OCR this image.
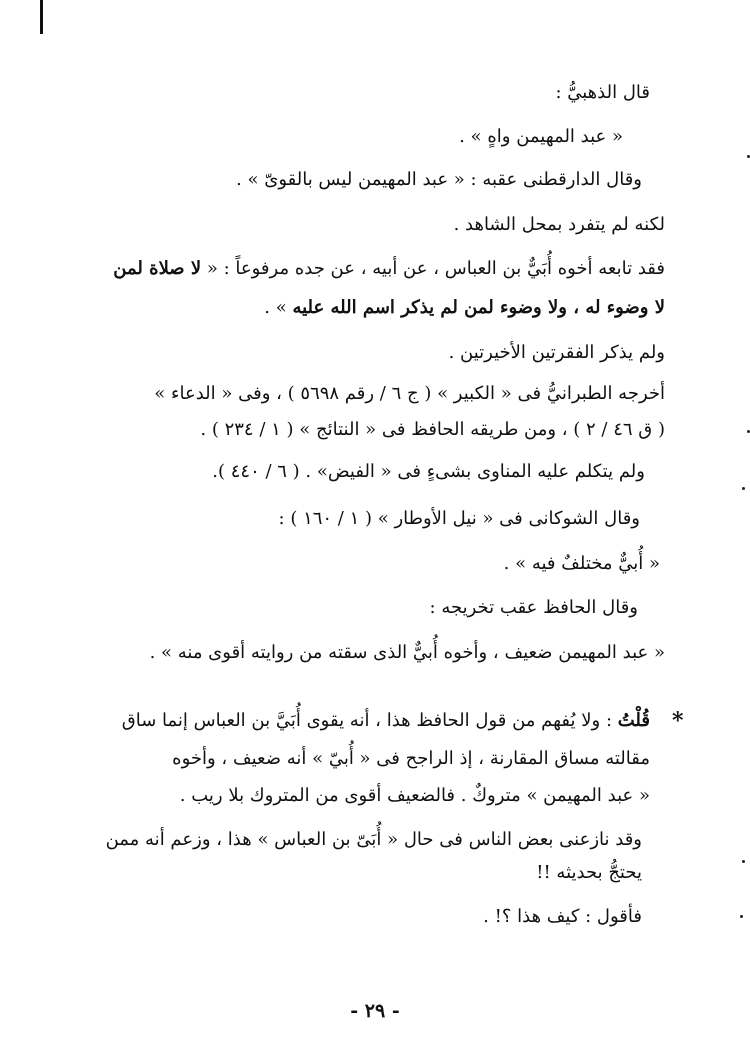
قال الذهبيُّ :
« عبد المهيمن واهٍ » .
وقال الدارقطنى عقبه : « عبد المهيمن ليس بالقوىّ » .
لكنه لم يتفرد بمحل الشاهد .
فقد تابعه أخوه أُبَيٌّ بن العباس ، عن أبيه ، عن جده مرفوعاً : « لا صلاة لمن
لا وضوء له ، ولا وضوء لمن لم يذكر اسم الله عليه » .
ولم يذكر الفقرتين الأخيرتين .
أخرجه الطبرانيُّ فى « الكبير » ( ج ٦ / رقم ٥٦٩٨ ) ، وفى « الدعاء »
( ق ٤٦ / ٢ ) ، ومن طريقه الحافظ فى « النتائج » ( ١ / ٢٣٤ ) .
ولم يتكلم عليه المناوى بشىءٍ فى « الفيض» . ( ٦ / ٤٤٠ ).
وقال الشوكانى فى « نيل الأوطار » ( ١ / ١٦٠ ) :
« أُبيٌّ مختلفٌ فيه » .
وقال الحافظ عقب تخريجه :
« عبد المهيمن ضعيف ، وأخوه أُبيٌّ الذى سقته من روايته أقوى منه » .
*
قُلْتُ : ولا يُفهم من قول الحافظ هذا ، أنه يقوى أُبَيَّ بن العباس إنما ساق
مقالته مساق المقارنة ، إذ الراجح فى « أُبيّ » أنه ضعيف ، وأخوه
« عبد المهيمن » متروكٌ . فالضعيف أقوى من المتروك بلا ريب .
وقد نازعنى بعض الناس فى حال « أُبَىّ بن العباس » هذا ، وزعم أنه ممن
يحتجُّ بحديثه !!
فأقول : كيف هذا ؟! .
- ٢٩ -
